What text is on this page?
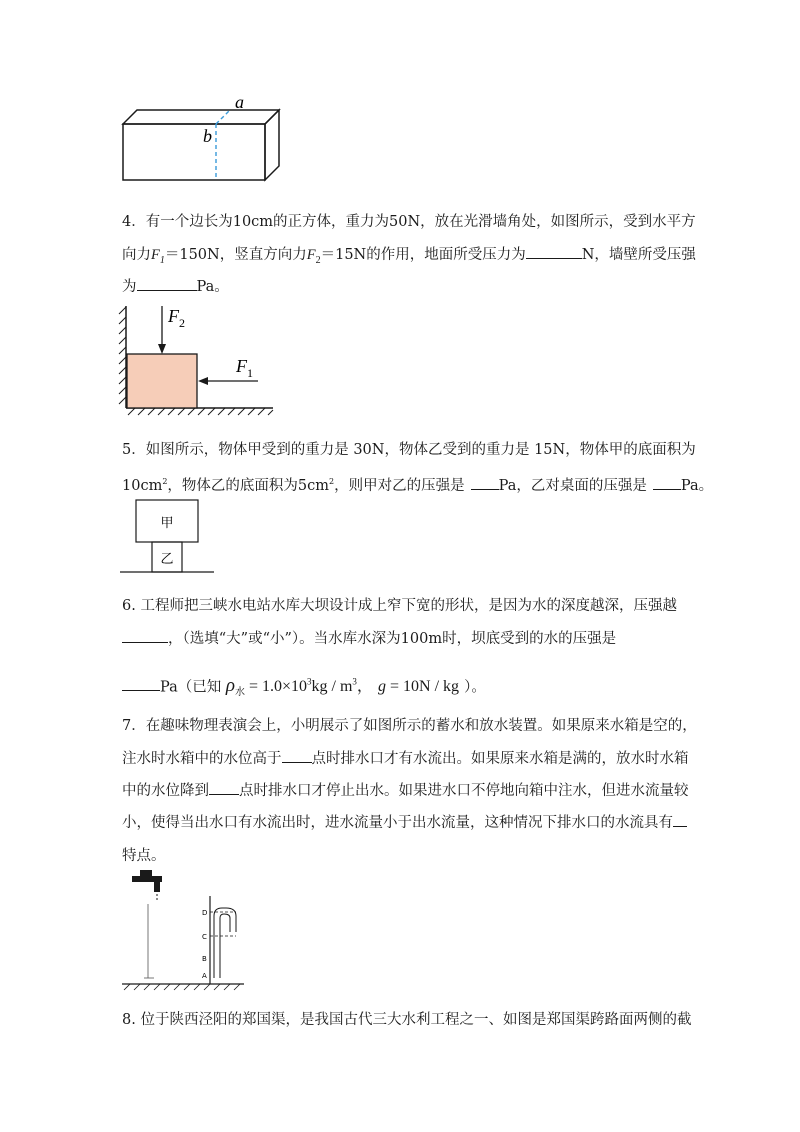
a
b
4．有一个边长为10cm的正方体，重力为50N，放在光滑墙角处，如图所示，受到水平方
向力$F_1=150N$，竖直方向力$F_2=15N$的作用，地面所受压力为	N，墙壁所受压强
为	Pa。
$F_2$
$F_1$
5．如图所示，物体甲受到的重力是 30N，物体乙受到的重力是 15N，物体甲的底面积为
$10cm^2$，物体乙的底面积为$5cm^2$，则甲对乙的压强是 Pa，乙对桌面的压强是 Pa。
甲
乙
6. 工程师把三峡水电站水库大坝设计成上窄下宽的形状，是因为水的深度越深，压强越
，（选填“大”或“小”）。当水库水深为100m时，坝底受到的水的压强是
Pa（已知 $\rho_水 = 1.0\times 10^3kg / m^3$， g = 10N / kg ）。
7．在趣味物理表演会上，小明展示了如图所示的蓄水和放水装置。如果原来水箱是空的，
注水时水箱中的水位高于 点时排水口才有水流出。如果原来水箱是满的，放水时水箱
中的水位降到 点时排水口才停止出水。如果进水口不停地向箱中注水，但进水流量较
小，使得当出水口有水流出时，进水流量小于出水流量，这种情况下排水口的水流具有
特点。
D
C
B
A
8. 位于陕西泾阳的郑国渠，是我国古代三大水利工程之一、如图是郑国渠跨路面两侧的截
